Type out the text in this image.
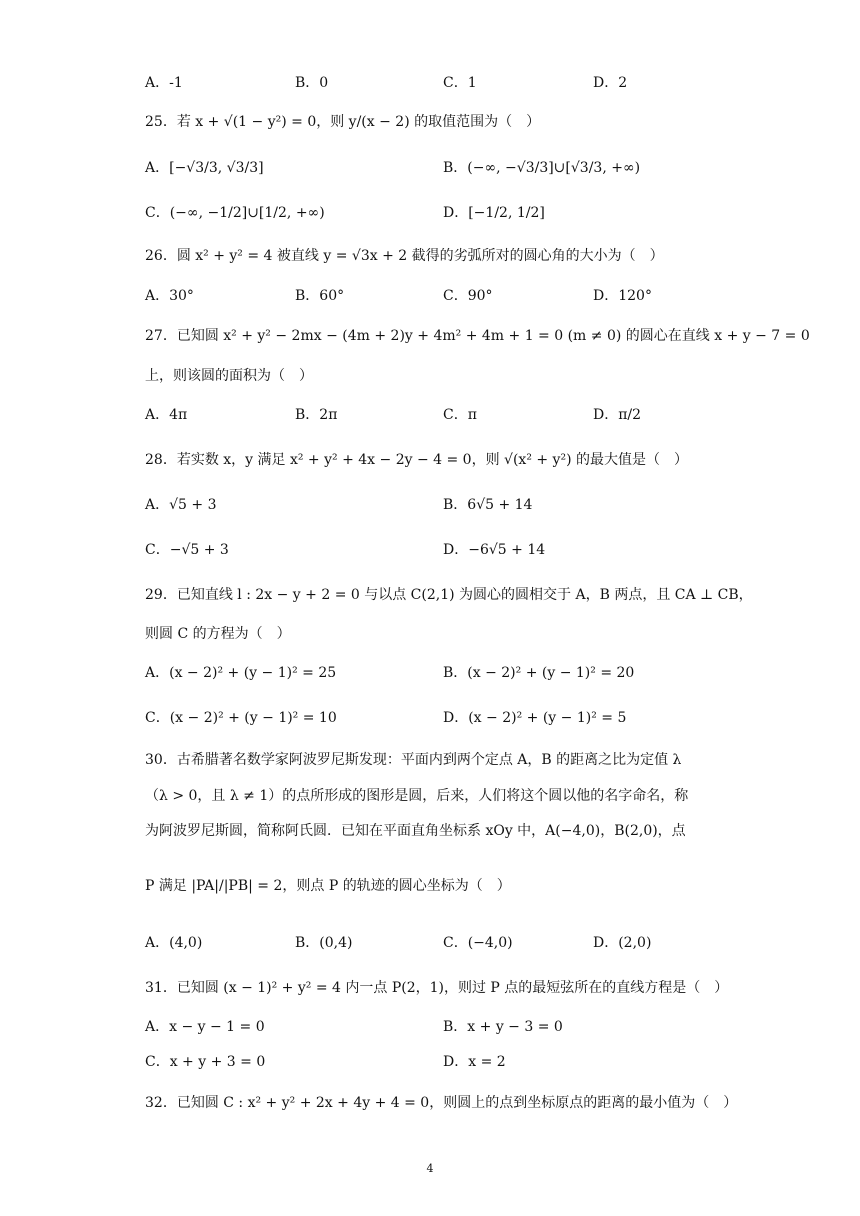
A．-1	B．0	C．1	D．2
25．若 x + √(1 − y²) = 0，则 y/(x − 2) 的取值范围为（　）
A．[−√3/3, √3/3]	B．(−∞, −√3/3]∪[√3/3, +∞)
C．(−∞, −1/2]∪[1/2, +∞)	D．[−1/2, 1/2]
26．圆 x² + y² = 4 被直线 y = √3x + 2 截得的劣弧所对的圆心角的大小为（　）
A．30°	B．60°	C．90°	D．120°
27．已知圆 x² + y² − 2mx − (4m + 2)y + 4m² + 4m + 1 = 0 (m ≠ 0) 的圆心在直线 x + y − 7 = 0
上，则该圆的面积为（　）
A．4π	B．2π	C．π	D．π/2
28．若实数 x，y 满足 x² + y² + 4x − 2y − 4 = 0，则 √(x² + y²) 的最大值是（　）
A．√5 + 3	B．6√5 + 14
C．−√5 + 3	D．−6√5 + 14
29．已知直线 l : 2x − y + 2 = 0 与以点 C(2,1) 为圆心的圆相交于 A，B 两点，且 CA ⊥ CB，
则圆 C 的方程为（　）
A．(x − 2)² + (y − 1)² = 25	B．(x − 2)² + (y − 1)² = 20
C．(x − 2)² + (y − 1)² = 10	D．(x − 2)² + (y − 1)² = 5
30．古希腊著名数学家阿波罗尼斯发现：平面内到两个定点 A，B 的距离之比为定值 λ
（λ > 0，且 λ ≠ 1）的点所形成的图形是圆，后来，人们将这个圆以他的名字命名，称
为阿波罗尼斯圆，简称阿氏圆．已知在平面直角坐标系 xOy 中，A(−4,0)，B(2,0)，点
P 满足 |PA|/|PB| = 2，则点 P 的轨迹的圆心坐标为（　）
A．(4,0)	B．(0,4)	C．(−4,0)	D．(2,0)
31．已知圆 (x − 1)² + y² = 4 内一点 P(2，1)，则过 P 点的最短弦所在的直线方程是（　）
A．x − y − 1 = 0	B．x + y − 3 = 0
C．x + y + 3 = 0	D．x = 2
32．已知圆 C : x² + y² + 2x + 4y + 4 = 0，则圆上的点到坐标原点的距离的最小值为（　）
4
